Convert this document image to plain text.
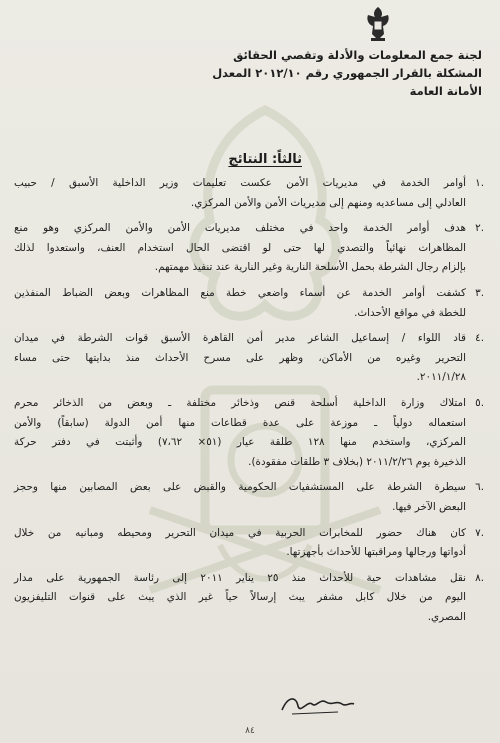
لجنة جمع المعلومات والأدلة وتقصي الحقائق
المشكلة بالقرار الجمهوري رقم ٢٠١٢/١٠ المعدل
الأمانة العامة
ثالثاً: النتائج
.١
أوامر الخدمة في مديريات الأمن عكست تعليمات وزير الداخلية الأسبق / حبيب
العادلي إلى مساعديه ومنهم إلى مديريات الأمن والأمن المركزي.
.٢
هدف أوامر الخدمة واحد في مختلف مديريات الأمن والأمن المركزي وهو منع
المظاهرات نهائياً والتصدي لها حتى لو اقتضى الحال استخدام العنف، واستعدوا لذلك
بإلزام رجال الشرطة بحمل الأسلحة النارية وغير النارية عند تنفيذ مهمتهم.
.٣
كشفت أوامر الخدمة عن أسماء واضعي خطة منع المظاهرات وبعض الضباط المنفذين
للخطة في مواقع الأحداث.
.٤
قاد اللواء / إسماعيل الشاعر مدير أمن القاهرة الأسبق قوات الشرطة في ميدان
التحرير وغيره من الأماكن، وظهر على مسرح الأحداث منذ بدايتها حتى مساء
٢٠١١/١/٢٨.
.٥
امتلاك وزارة الداخلية أسلحة قنص وذخائر مختلفة ـ وبعض من الذخائر محرم
استعماله دولياً ـ موزعة على عدة قطاعات منها أمن الدولة (سابقاً) والأمن
المركزي، واستخدم منها ١٢٨ طلقة عيار (٥١× ٧،٦٢) وأثبتت في دفتر حركة
الذخيرة يوم ٢٠١١/٢/٢٦ (بخلاف ٣ طلقات مفقودة).
.٦
سيطرة الشرطة على المستشفيات الحكومية والقبض على بعض المصابين منها وحجز
البعض الآخر فيها.
.٧
كان هناك حضور للمخابرات الحربية في ميدان التحرير ومحيطه ومبانيه من خلال
أدواتها ورجالها ومراقبتها للأحداث بأجهزتها.
.٨
نقل مشاهدات حية للأحداث منذ ٢٥ يناير ٢٠١١ إلى رئاسة الجمهورية على مدار
اليوم من خلال كابل مشفر يبث إرسالاً حياً غير الذي يبث على قنوات التليفزيون
المصري.
٨٤
